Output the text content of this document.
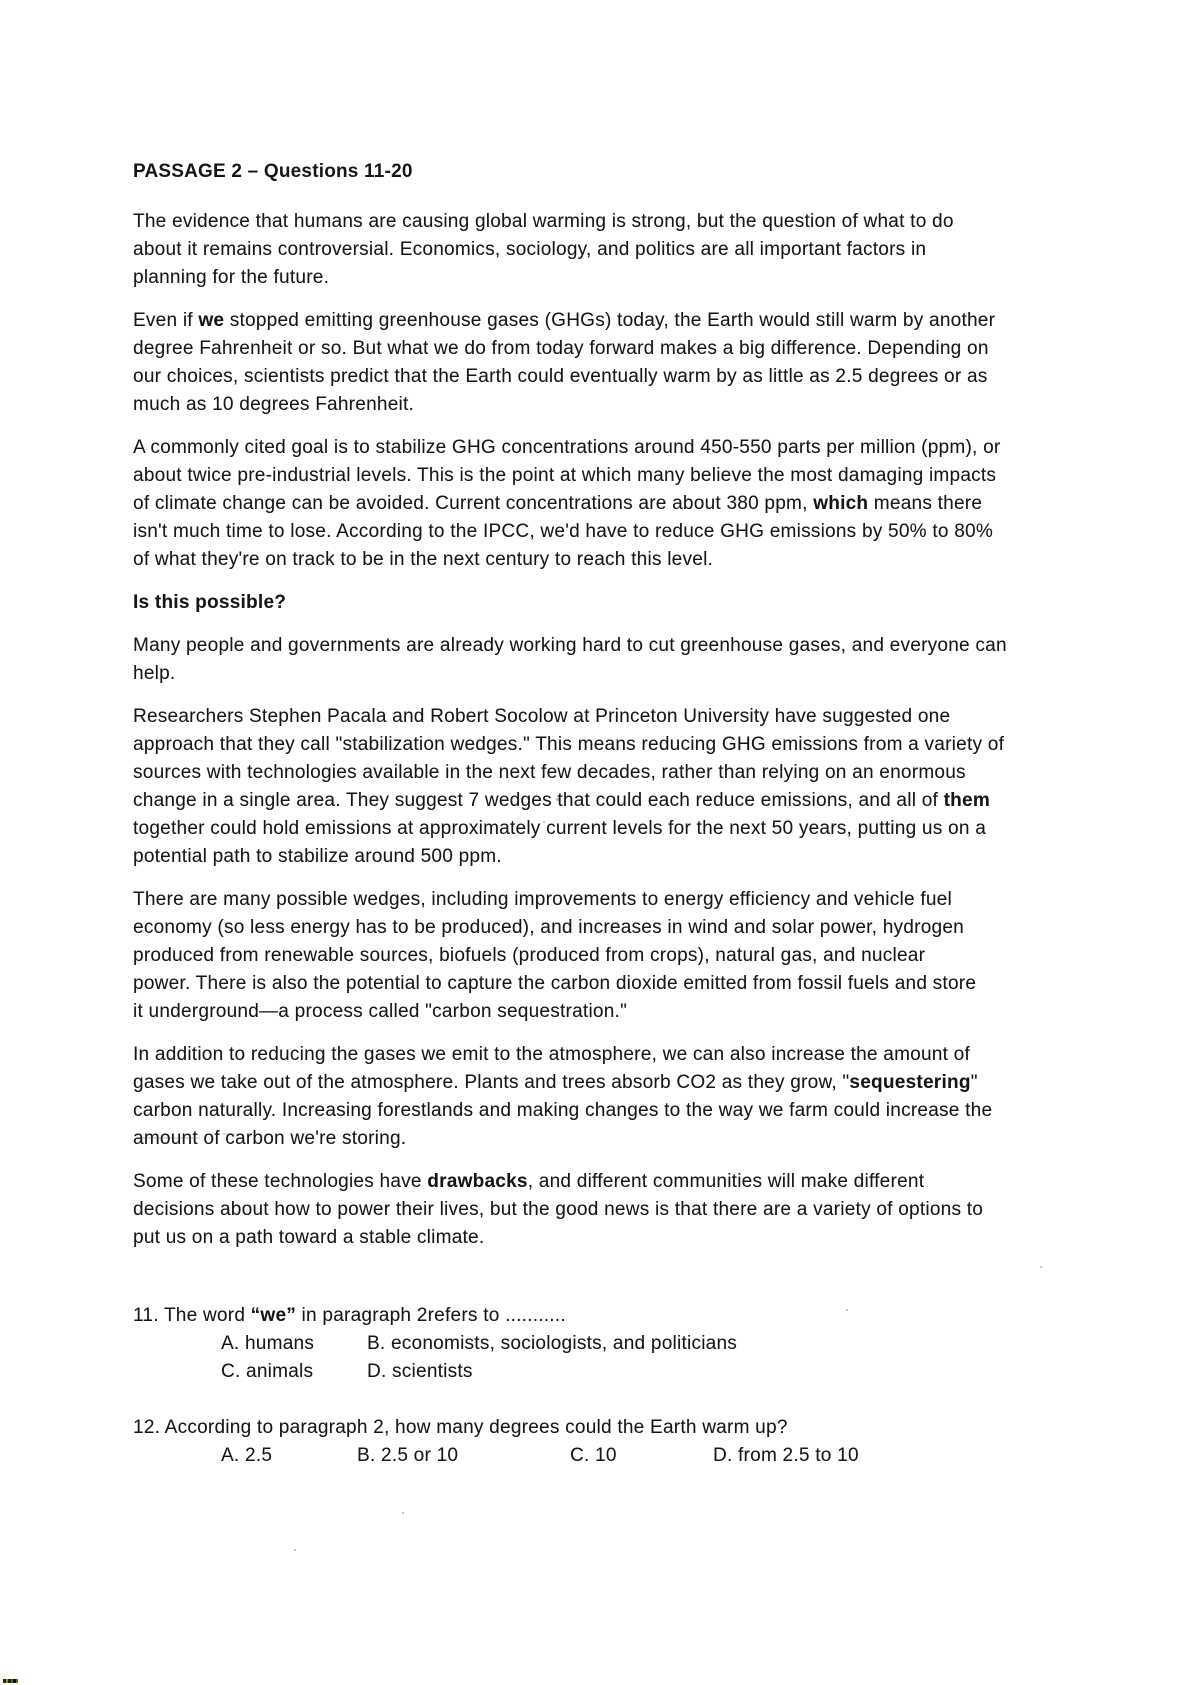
PASSAGE 2 – Questions 11-20

The evidence that humans are causing global warming is strong, but the question of what to do
about it remains controversial. Economics, sociology, and politics are all important factors in
planning for the future.

Even if we stopped emitting greenhouse gases (GHGs) today, the Earth would still warm by another
degree Fahrenheit or so. But what we do from today forward makes a big difference. Depending on
our choices, scientists predict that the Earth could eventually warm by as little as 2.5 degrees or as
much as 10 degrees Fahrenheit.

A commonly cited goal is to stabilize GHG concentrations around 450-550 parts per million (ppm), or
about twice pre-industrial levels. This is the point at which many believe the most damaging impacts
of climate change can be avoided. Current concentrations are about 380 ppm, which means there
isn't much time to lose. According to the IPCC, we'd have to reduce GHG emissions by 50% to 80%
of what they're on track to be in the next century to reach this level.

Is this possible?

Many people and governments are already working hard to cut greenhouse gases, and everyone can
help.

Researchers Stephen Pacala and Robert Socolow at Princeton University have suggested one
approach that they call "stabilization wedges." This means reducing GHG emissions from a variety of
sources with technologies available in the next few decades, rather than relying on an enormous
change in a single area. They suggest 7 wedges that could each reduce emissions, and all of them
together could hold emissions at approximately current levels for the next 50 years, putting us on a
potential path to stabilize around 500 ppm.

There are many possible wedges, including improvements to energy efficiency and vehicle fuel
economy (so less energy has to be produced), and increases in wind and solar power, hydrogen
produced from renewable sources, biofuels (produced from crops), natural gas, and nuclear
power. There is also the potential to capture the carbon dioxide emitted from fossil fuels and store
it underground—a process called "carbon sequestration."

In addition to reducing the gases we emit to the atmosphere, we can also increase the amount of
gases we take out of the atmosphere. Plants and trees absorb CO2 as they grow, "sequestering"
carbon naturally. Increasing forestlands and making changes to the way we farm could increase the
amount of carbon we're storing.

Some of these technologies have drawbacks, and different communities will make different
decisions about how to power their lives, but the good news is that there are a variety of options to
put us on a path toward a stable climate.

11. The word “we” in paragraph 2refers to ...........

A. humans	B. economists, sociologists, and politicians
C. animals	D. scientists

12. According to paragraph 2, how many degrees could the Earth warm up?

A. 2.5	B. 2.5 or 10	C. 10	D. from 2.5 to 10
